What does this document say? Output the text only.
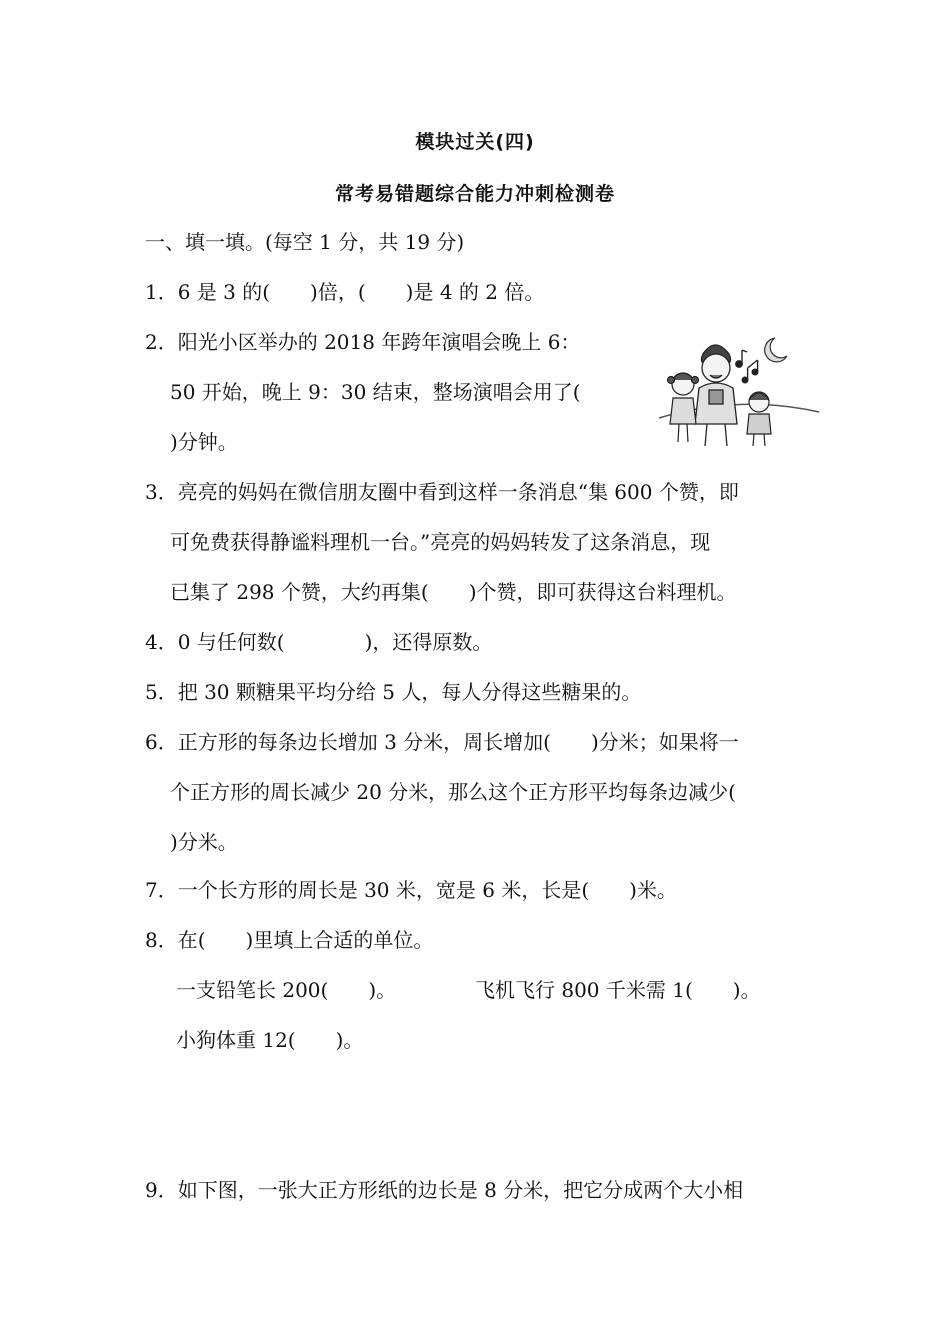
模块过关(四)
常考易错题综合能力冲刺检测卷

一、填一填。(每空 1 分，共 19 分)

1．6 是 3 的(　　)倍，(　　)是 4 的 2 倍。

2．阳光小区举办的 2018 年跨年演唱会晚上 6：

50 开始，晚上 9：30 结束，整场演唱会用了(

)分钟。

3．亮亮的妈妈在微信朋友圈中看到这样一条消息“集 600 个赞，即

可免费获得静谧料理机一台。”亮亮的妈妈转发了这条消息，现

已集了 298 个赞，大约再集(　　)个赞，即可获得这台料理机。

4．0 与任何数(　　　　)，还得原数。

5．把 30 颗糖果平均分给 5 人，每人分得这些糖果的。

6．正方形的每条边长增加 3 分米，周长增加(　　)分米；如果将一

个正方形的周长减少 20 分米，那么这个正方形平均每条边减少(

)分米。

7．一个长方形的周长是 30 米，宽是 6 米，长是(　　)米。

8．在(　　)里填上合适的单位。

一支铅笔长 200(　　)。	飞机飞行 800 千米需 1(　　)。

小狗体重 12(　　)。

9．如下图，一张大正方形纸的边长是 8 分米，把它分成两个大小相
